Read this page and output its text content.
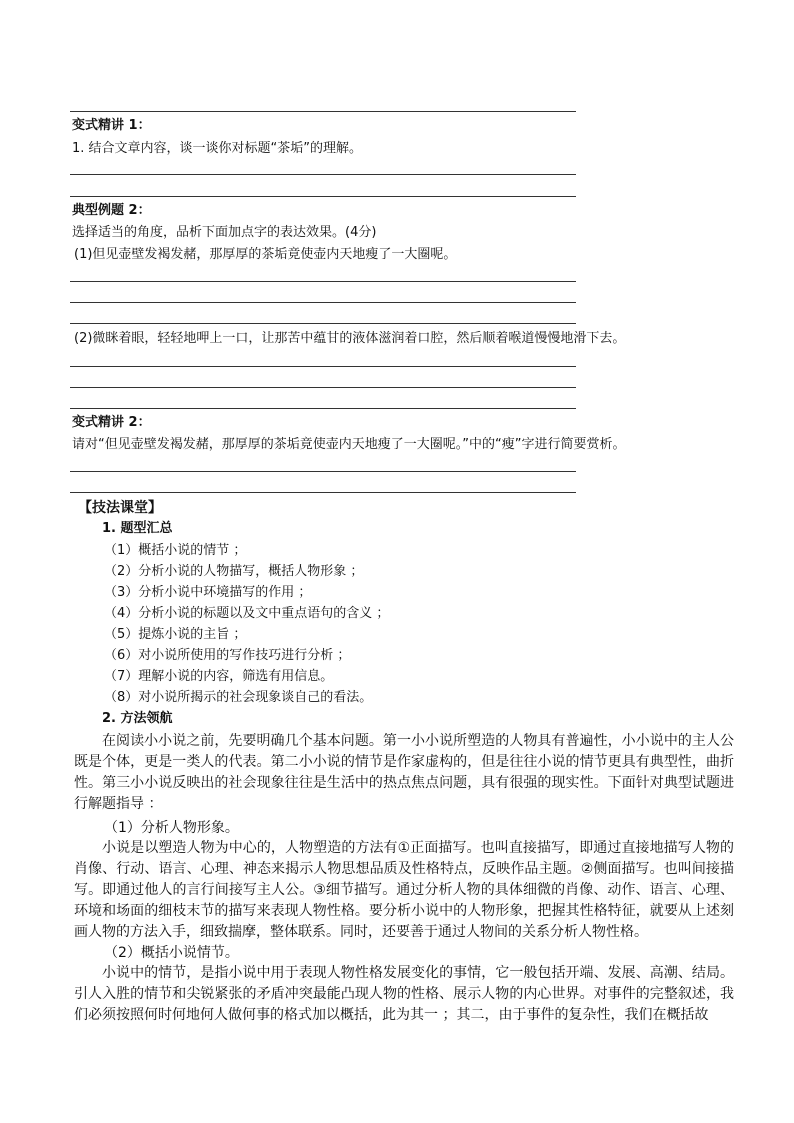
变式精讲 1：
1. 结合文章内容，谈一谈你对标题“茶垢”的理解。
典型例题 2：
选择适当的角度，品析下面加点字的表达效果。(4分)
(1)但见壶壁发褐发赭，那厚厚的茶垢竟使壶内天地瘦了一大圈呢。
(2)微眯着眼，轻轻地呷上一口，让那苦中蕴甘的液体滋润着口腔，然后顺着喉道慢慢地滑下去。
变式精讲 2：
请对“但见壶壁发褐发赭，那厚厚的茶垢竟使壶内天地瘦了一大圈呢。”中的“瘦”字进行简要赏析。
【技法课堂】
1. 题型汇总
（1）概括小说的情节 ；
（2）分析小说的人物描写，概括人物形象 ；
（3）分析小说中环境描写的作用 ；
（4）分析小说的标题以及文中重点语句的含义 ；
（5）提炼小说的主旨 ；
（6）对小说所使用的写作技巧进行分析 ；
（7）理解小说的内容，筛选有用信息。
（8）对小说所揭示的社会现象谈自己的看法。
2. 方法领航

在阅读小小说之前，先要明确几个基本问题。第一小小说所塑造的人物具有普遍性，小小说中的主人公既是个体，更是一类人的代表。第二小小说的情节是作家虚构的，但是往往小说的情节更具有典型性，曲折性。第三小小说反映出的社会现象往往是生活中的热点焦点问题，具有很强的现实性。下面针对典型试题进行解题指导 ：

（1）分析人物形象。

小说是以塑造人物为中心的，人物塑造的方法有①正面描写。也叫直接描写，即通过直接地描写人物的肖像、行动、语言、心理、神态来揭示人物思想品质及性格特点，反映作品主题。②侧面描写。也叫间接描写。即通过他人的言行间接写主人公。③细节描写。通过分析人物的具体细微的肖像、动作、语言、心理、环境和场面的细枝末节的描写来表现人物性格。要分析小说中的人物形象，把握其性格特征，就要从上述刻画人物的方法入手，细致揣摩，整体联系。同时，还要善于通过人物间的关系分析人物性格。

（2）概括小说情节。

小说中的情节，是指小说中用于表现人物性格发展变化的事情，它一般包括开端、发展、高潮、结局。引人入胜的情节和尖锐紧张的矛盾冲突最能凸现人物的性格、展示人物的内心世界。对事件的完整叙述，我们必须按照何时何地何人做何事的格式加以概括，此为其一 ；其二，由于事件的复杂性，我们在概括故
